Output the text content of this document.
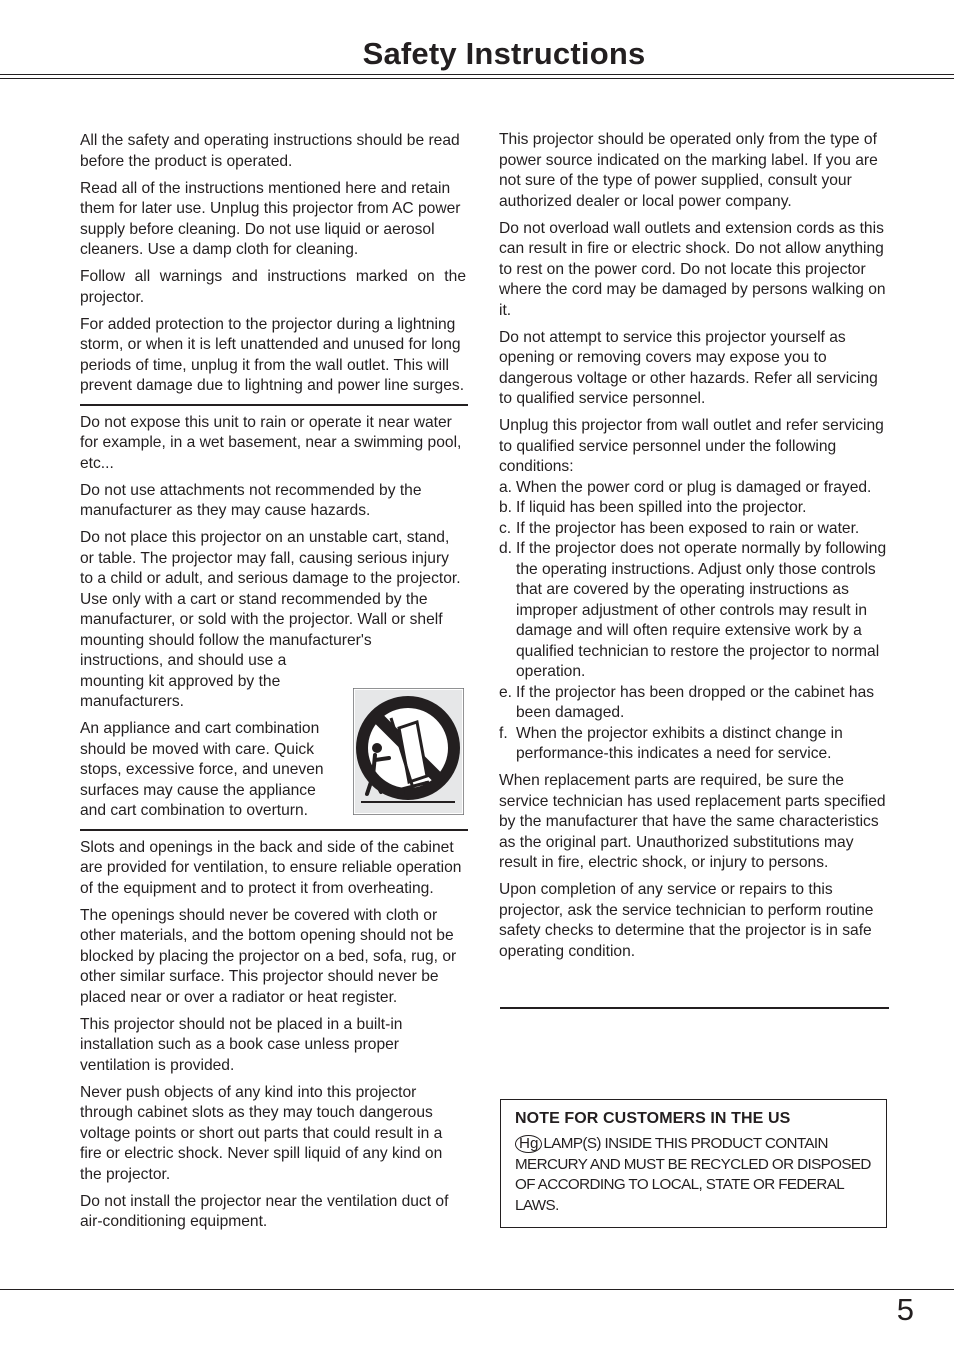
Safety Instructions

All the safety and operating instructions should be read before the product is operated.

Read all of the instructions mentioned here and retain them for later use. Unplug this projector from AC power supply before cleaning. Do not use liquid or aerosol cleaners. Use a damp cloth for cleaning.

Follow all warnings and instructions marked on the projector.

For added protection to the projector during a lightning storm, or when it is left unattended and unused for long periods of time, unplug it from the wall outlet. This will prevent damage due to lightning and power line surges.

Do not expose this unit to rain or operate it near water for example, in a wet basement, near a swimming pool, etc...

Do not use attachments not recommended by the manufacturer as they may cause hazards.

Do not place this projector on an unstable cart, stand, or table. The projector may fall, causing serious injury to a child or adult, and serious damage to the projector. Use only with a cart or stand recommended by the manufacturer, or sold with the projector. Wall or shelf mounting should follow the manufacturer's

instructions, and should use a mounting kit approved by the manufacturers.

An appliance and cart combination should be moved with care. Quick stops, excessive force, and uneven surfaces may cause the appliance and cart combination to overturn.

Slots and openings in the back and side of the cabinet are provided for ventilation, to ensure reliable operation of the equipment and to protect it from overheating.

The openings should never be covered with cloth or other materials, and the bottom opening should not be blocked by placing the projector on a bed, sofa, rug, or other similar surface. This projector should never be placed near or over a radiator or heat register.

This projector should not be placed in a built-in installation such as a book case unless proper ventilation is provided.

Never push objects of any kind into this projector through cabinet slots as they may touch dangerous voltage points or short out parts that could result in a fire or electric shock. Never spill liquid of any kind on the projector.

Do not install the projector near the ventilation duct of air-conditioning equipment.

This projector should be operated only from the type of power source indicated on the marking label. If you are not sure of the type of power supplied, consult your authorized dealer or local power company.

Do not overload wall outlets and extension cords as this can result in fire or electric shock. Do not allow anything to rest on the power cord. Do not locate this projector where the cord may be damaged by persons walking on it.

Do not attempt to service this projector yourself as opening or removing covers may expose you to dangerous voltage or other hazards. Refer all servicing to qualified service personnel.

Unplug this projector from wall outlet and refer servicing to qualified service personnel under the following conditions:

a. When the power cord or plug is damaged or frayed.
b. If liquid has been spilled into the projector.
c. If the projector has been exposed to rain or water.
d. If the projector does not operate normally by following the operating instructions. Adjust only those controls that are covered by the operating instructions as improper adjustment of other controls may result in damage and will often require extensive work by a qualified technician to restore the projector to normal operation.
e. If the projector has been dropped or the cabinet has been damaged.
f. When the projector exhibits a distinct change in performance-this indicates a need for service.

When replacement parts are required, be sure the service technician has used replacement parts specified by the manufacturer that have the same characteristics as the original part. Unauthorized substitutions may result in fire, electric shock, or injury to persons.

Upon completion of any service or repairs to this projector, ask the service technician to perform routine safety checks to determine that the projector is in safe operating condition.

NOTE FOR CUSTOMERS IN THE US
Hg LAMP(S) INSIDE THIS PRODUCT CONTAIN MERCURY AND MUST BE RECYCLED OR DISPOSED OF ACCORDING TO LOCAL, STATE OR FEDERAL LAWS.
5
